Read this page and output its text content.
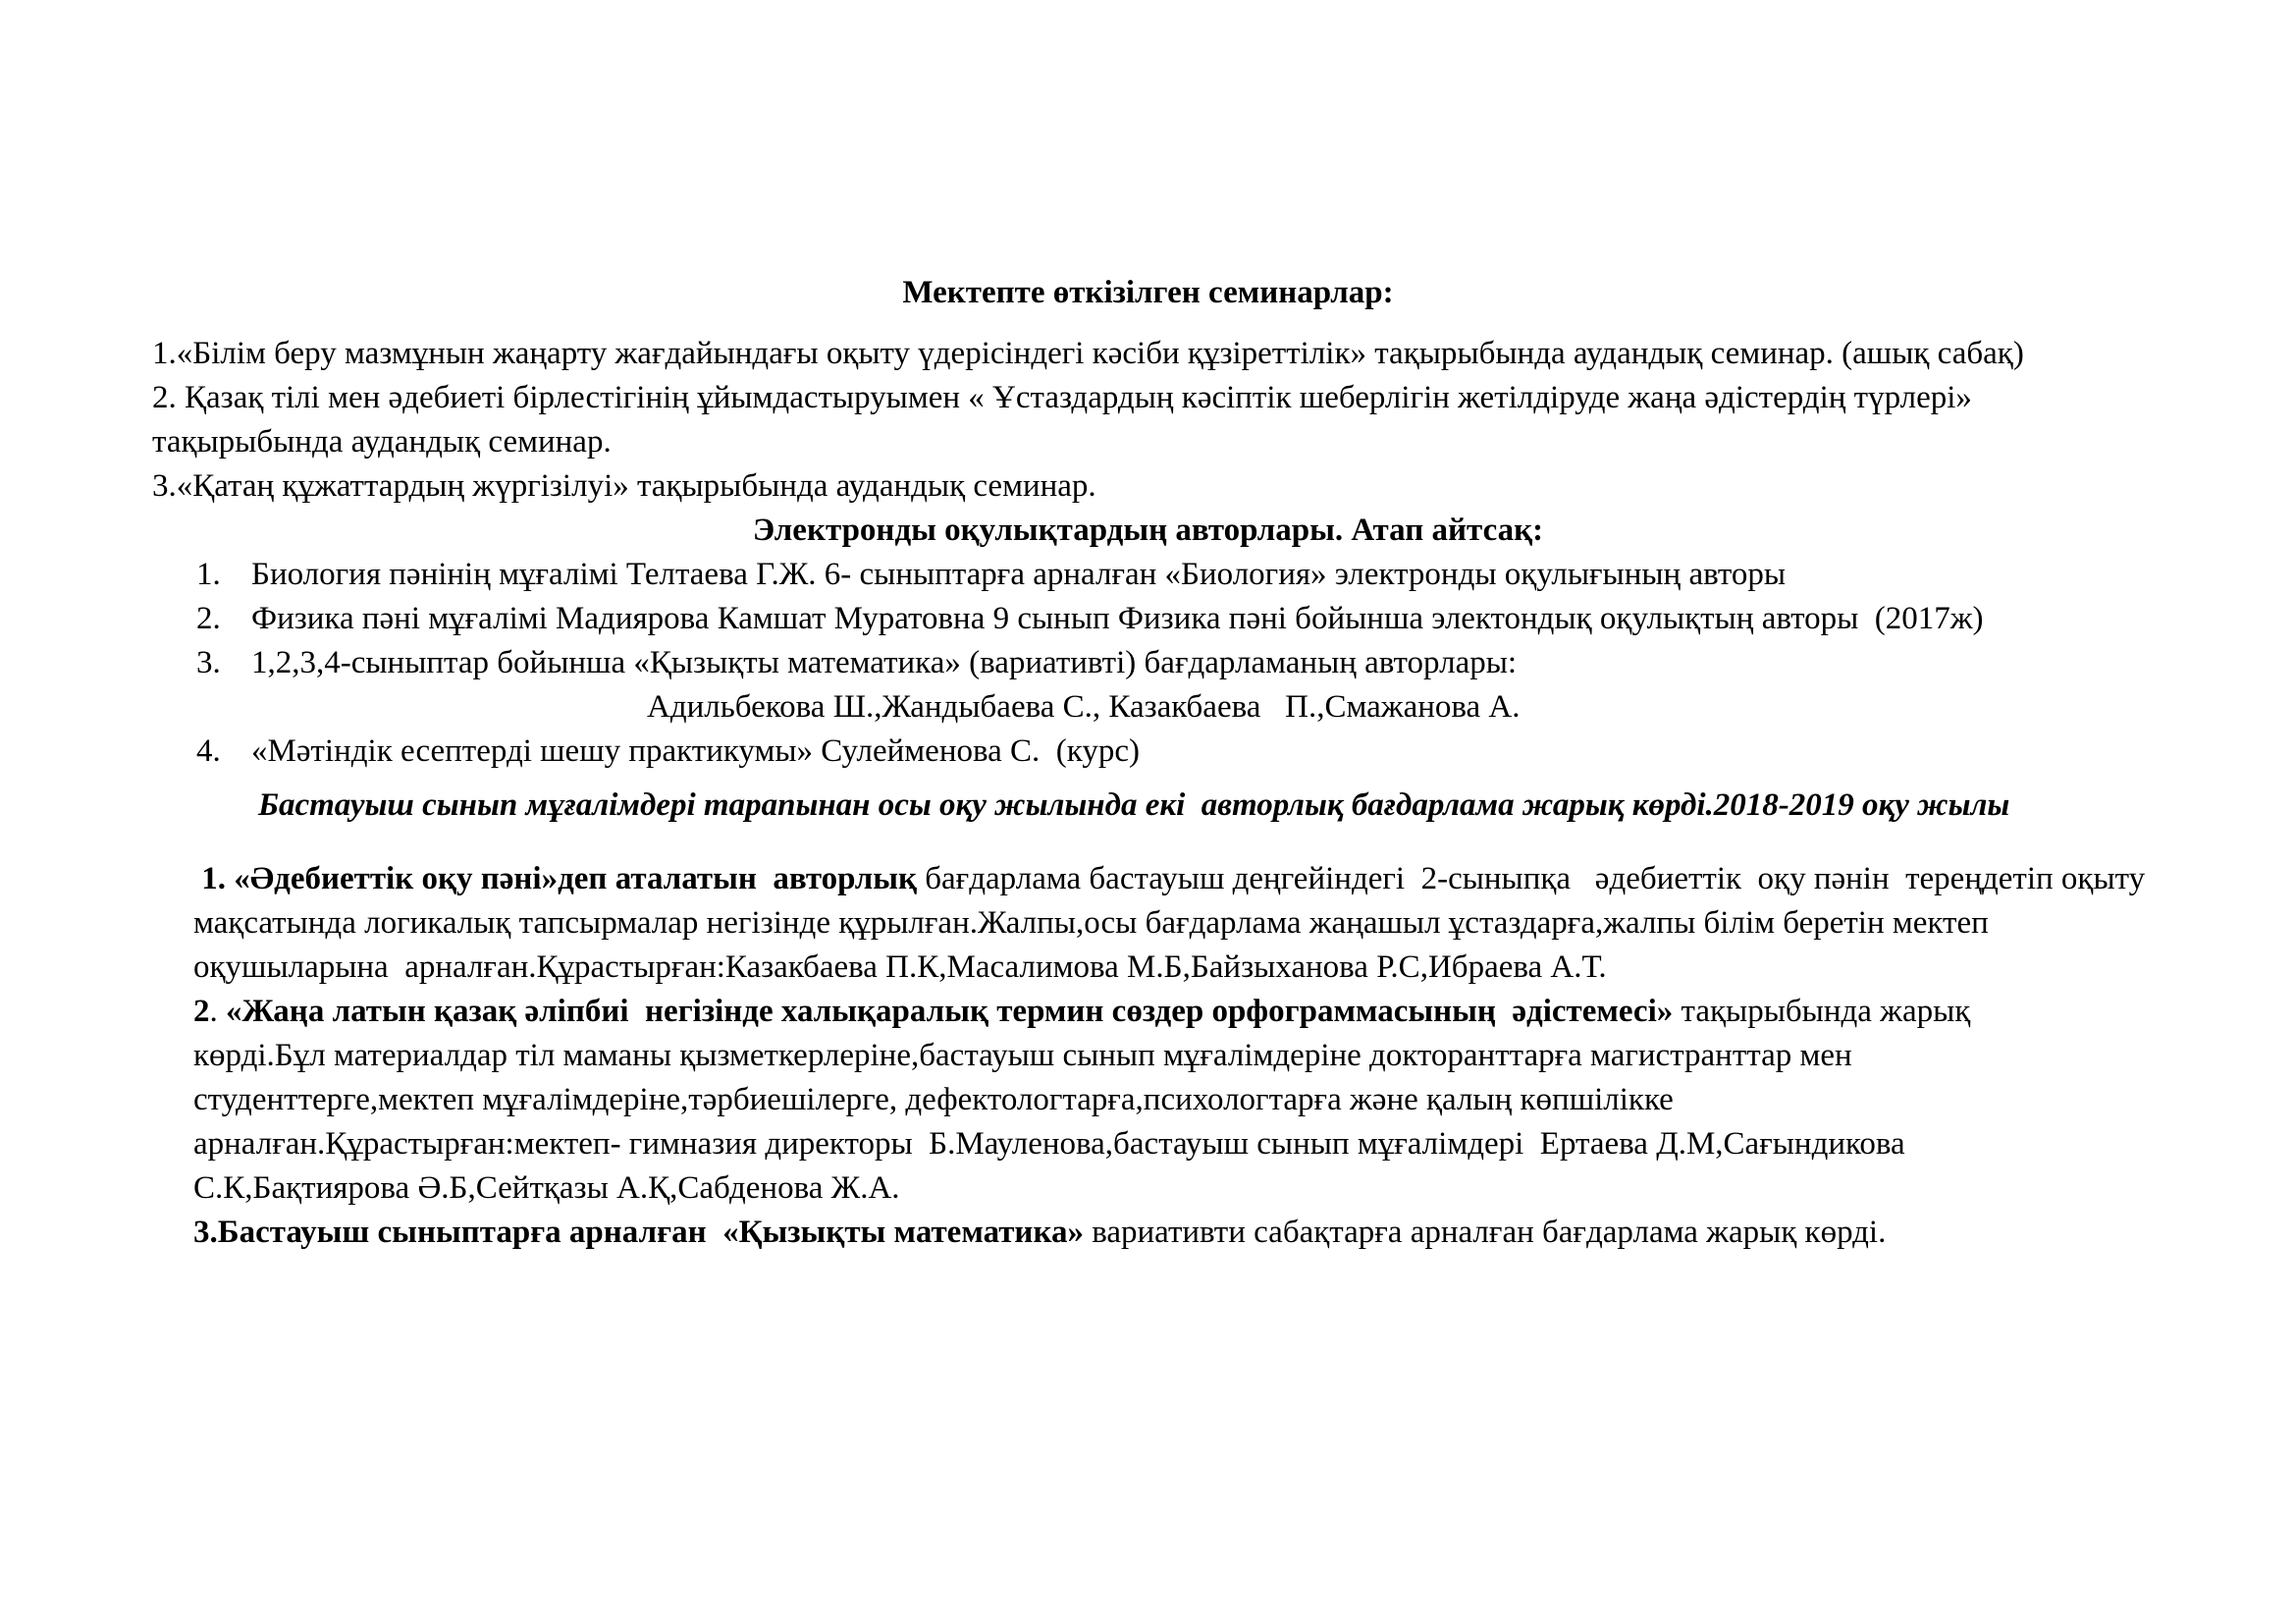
Мектепте өткізілген семинарлар:

1.«Білім беру мазмұнын жаңарту жағдайындағы оқыту үдерісіндегі кәсіби құзіреттілік» тақырыбында аудандық семинар. (ашық сабақ)

2. Қазақ тілі мен әдебиеті бірлестігінің ұйымдастыруымен « Ұстаздардың кәсіптік шеберлігін жетілдіруде жаңа әдістердің түрлері» тақырыбында аудандық семинар.

3.«Қатаң құжаттардың жүргізілуі» тақырыбында аудандық семинар.

Электронды оқулықтардың авторлары. Атап айтсақ:
1. Биология пәнінің мұғалімі Телтаева Г.Ж. 6- сыныптарға арналған «Биология» электронды оқулығының авторы
2. Физика пәні мұғалімі Мадиярова Камшат Муратовна 9 сынып Физика пәні бойынша электондық оқулықтың авторы  (2017ж)
3. 1,2,3,4-сыныптар бойынша «Қызықты математика» (вариативті) бағдарламаның авторлары:

Адильбекова Ш.,Жандыбаева С., Казакбаева   П.,Смажанова А.

4. «Мәтіндік есептерді шешу практикумы» Сулейменова С.  (курс)

Бастауыш сынып мұғалімдері тарапынан осы оқу жылында екі  авторлық бағдарлама жарық көрді.2018-2019 оқу жылы

1. «Әдебиеттік оқу пәні»деп аталатын  авторлық бағдарлама бастауыш деңгейіндегі  2-сыныпқа   әдебиеттік  оқу пәнін  тереңдетіп оқыту мақсатында логикалық тапсырмалар негізінде құрылған.Жалпы,осы бағдарлама жаңашыл ұстаздарға,жалпы білім беретін мектеп оқушыларына  арналған.Құрастырған:Казакбаева П.К,Масалимова М.Б,Байзыханова Р.С,Ибраева А.Т.

2. «Жаңа латын қазақ әліпбиі  негізінде халықаралық термин сөздер орфограммасының  әдістемесі» тақырыбында жарық көрді.Бұл материалдар тіл маманы қызметкерлеріне,бастауыш сынып мұғалімдеріне докторанттарға магистранттар мен студенттерге,мектеп мұғалімдеріне,тәрбиешілерге, дефектологтарға,психологтарға және қалың көпшілікке арналған.Құрастырған:мектеп- гимназия директоры  Б.Мауленова,бастауыш сынып мұғалімдері  Ертаева Д.М,Сағындикова С.К,Бақтиярова Ә.Б,Сейтқазы А.Қ,Сабденова Ж.А.

3.Бастауыш сыныптарға арналған  «Қызықты математика» вариативти сабақтарға арналған бағдарлама жарық көрді.
